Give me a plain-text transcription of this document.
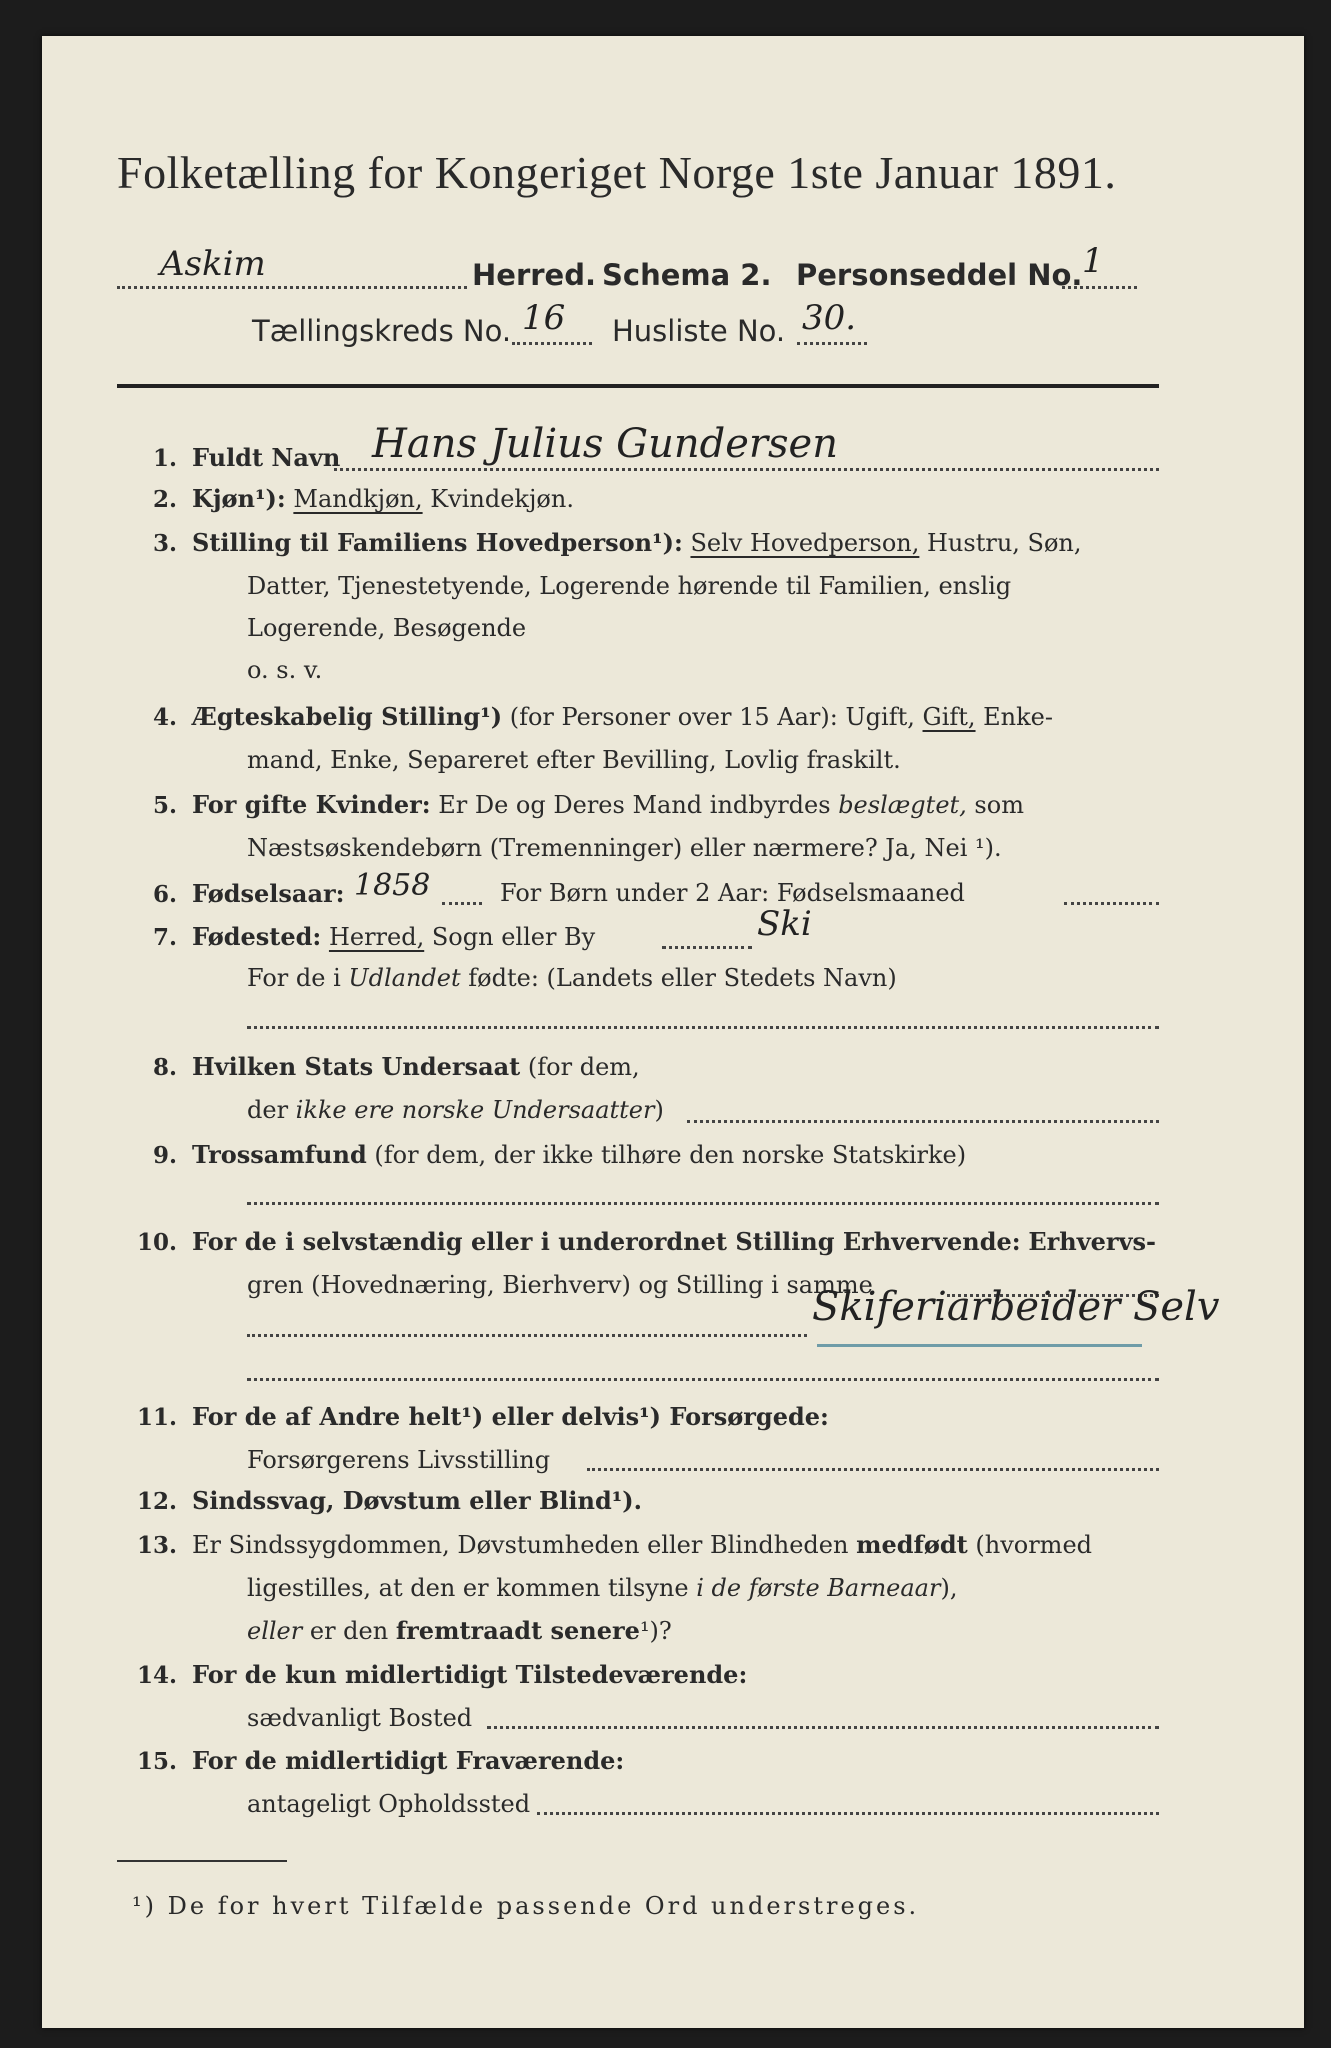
Folketælling for Kongeriget Norge 1ste Januar 1891.
Askim	Herred. Schema 2. Personseddel No. 1
Tællingskreds No. 16 Husliste No. 30.
1. Fuldt Navn Hans Julius Gundersen
2. Kjøn¹): Mandkjøn, Kvindekjøn.
3. Stilling til Familiens Hovedperson¹): Selv Hovedperson, Hustru, Søn,
Datter, Tjenestetyende, Logerende hørende til Familien, enslig
Logerende, Besøgende
o. s. v.
4. Ægteskabelig Stilling¹) (for Personer over 15 Aar): Ugift, Gift, Enke-
mand, Enke, Separeret efter Bevilling, Lovlig fraskilt.
5. For gifte Kvinder: Er De og Deres Mand indbyrdes beslægtet, som
Næstsøskendebørn (Tremenninger) eller nærmere? Ja, Nei ¹).
6. Fødselsaar: 1858	For Børn under 2 Aar: Fødselsmaaned
7. Fødested: Herred, Sogn eller By	Ski
For de i Udlandet fødte: (Landets eller Stedets Navn)
8. Hvilken Stats Undersaat (for dem,
der ikke ere norske Undersaatter)
9. Trossamfund (for dem, der ikke tilhøre den norske Statskirke)
10. For de i selvstændig eller i underordnet Stilling Erhvervende: Erhvervs-
gren (Hovednæring, Bierhverv) og Stilling i samme
Skiferiarbeider Selv
11. For de af Andre helt¹) eller delvis¹) Forsørgede:
Forsørgerens Livsstilling
12. Sindssvag, Døvstum eller Blind¹).
13. Er Sindssygdommen, Døvstumheden eller Blindheden medfødt (hvormed
ligestilles, at den er kommen tilsyne i de første Barneaar),
eller er den fremtraadt senere¹)?
14. For de kun midlertidigt Tilstedeværende:
sædvanligt Bosted
15. For de midlertidigt Fraværende:
antageligt Opholdssted
¹) De for hvert Tilfælde passende Ord understreges.
